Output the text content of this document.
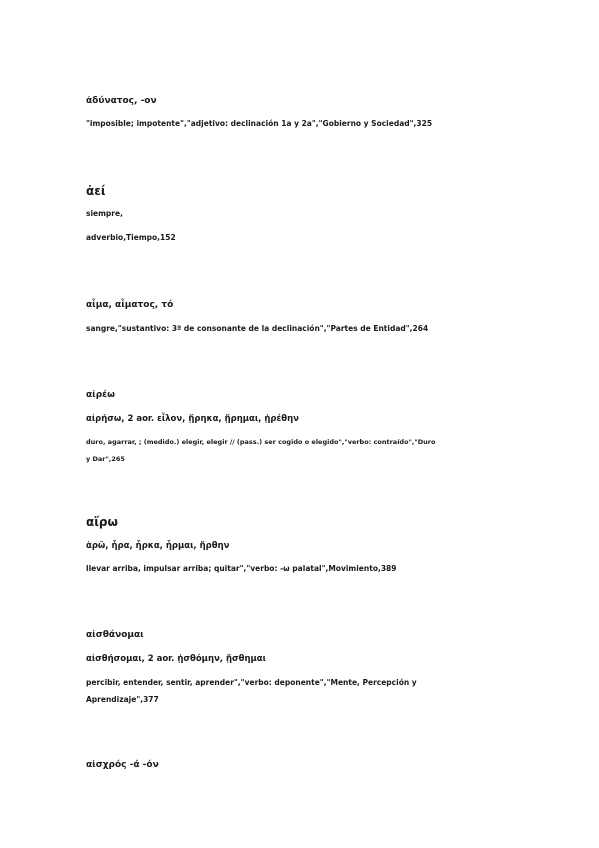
ἀδύνατος, -ον

"imposible; impotente","adjetivo: declinación 1a y 2a","Gobierno y Sociedad",325

ἀεί

siempre,

adverbio,Tiempo,152

αἷμα, αἷματος, τό

sangre,"sustantivo: 3ª de consonante de la declinación","Partes de Entidad",264

αἱρέω

αἱρήσω, 2 aor. εἷλον, ᾕρηκα, ᾕρημαι, ᾑρέθην

duro, agarrar, ; (medido.) elegir, elegir // (pass.) ser cogido o elegido","verbo: contraído","Duro y Dar",265

αἴρω

ἀρῶ, ἦρα, ἦρκα, ἦρμαι, ἤρθην

llevar arriba, impulsar arriba; quitar","verbo: -ω palatal",Movimiento,389

αἰσθάνομαι

αἰσθήσομαι, 2 aor. ᾐσθόμην, ᾔσθημαι

percibir, entender, sentir, aprender","verbo: deponente","Mente, Percepción y Aprendizaje",377

αἰσχρός -ά -όν
